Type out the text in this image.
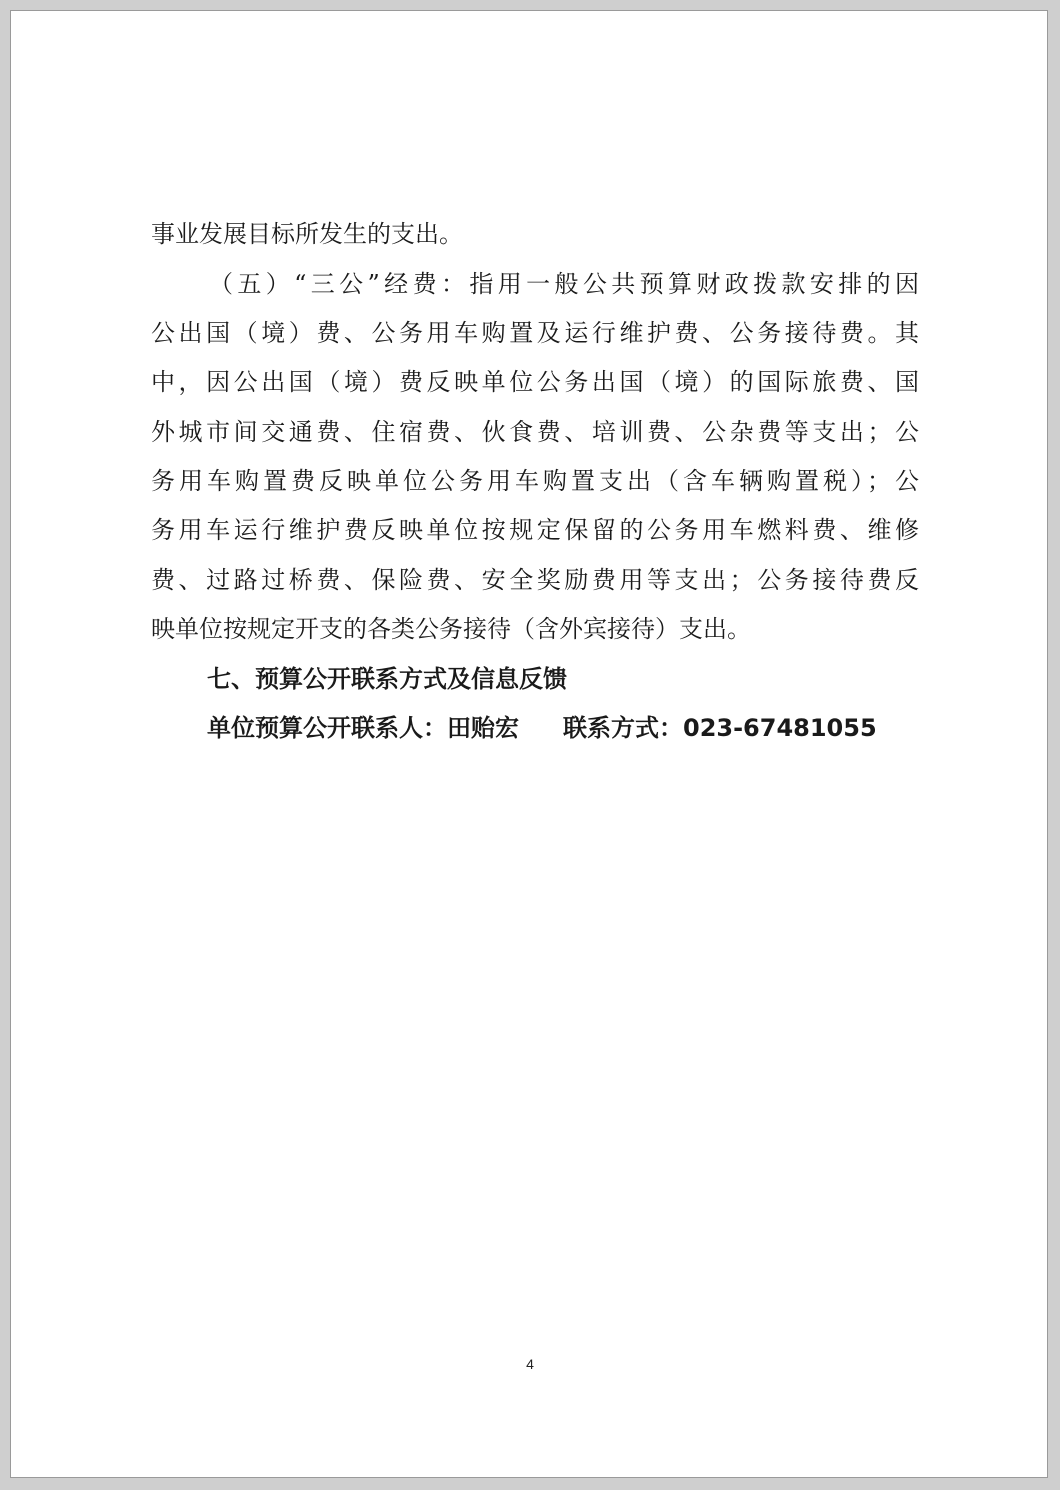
事业发展目标所发生的支出。
（五）“三公”经费：指用一般公共预算财政拨款安排的因
公出国（境）费、公务用车购置及运行维护费、公务接待费。其
中，因公出国（境）费反映单位公务出国（境）的国际旅费、国
外城市间交通费、住宿费、伙食费、培训费、公杂费等支出；公
务用车购置费反映单位公务用车购置支出（含车辆购置税）；公
务用车运行维护费反映单位按规定保留的公务用车燃料费、维修
费、过路过桥费、保险费、安全奖励费用等支出；公务接待费反
映单位按规定开支的各类公务接待（含外宾接待）支出。
七、预算公开联系方式及信息反馈
单位预算公开联系人：田贻宏 联系方式：023-67481055
4
